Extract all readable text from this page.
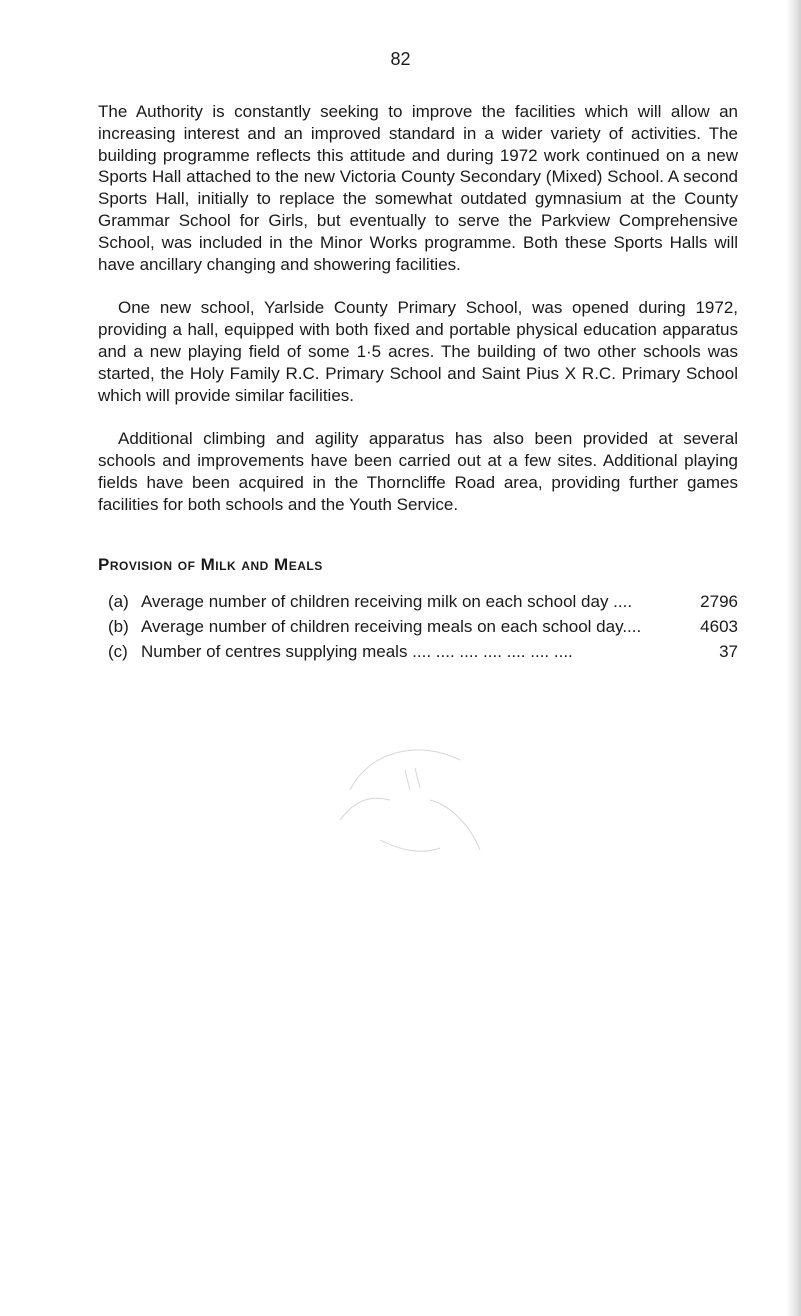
82

The Authority is constantly seeking to improve the facilities which will allow an increasing interest and an improved standard in a wider variety of activities. The building programme reflects this attitude and during 1972 work continued on a new Sports Hall attached to the new Victoria County Secondary (Mixed) School. A second Sports Hall, initially to replace the somewhat outdated gymnasium at the County Grammar School for Girls, but eventually to serve the Parkview Comprehensive School, was included in the Minor Works programme. Both these Sports Halls will have ancillary changing and showering facilities.

One new school, Yarlside County Primary School, was opened during 1972, providing a hall, equipped with both fixed and portable physical education apparatus and a new playing field of some 1·5 acres. The building of two other schools was started, the Holy Family R.C. Primary School and Saint Pius X R.C. Primary School which will provide similar facilities.

Additional climbing and agility apparatus has also been provided at several schools and improvements have been carried out at a few sites. Additional playing fields have been acquired in the Thorncliffe Road area, providing further games facilities for both schools and the Youth Service.

Provision of Milk and Meals
(a) Average number of children receiving milk on each school day ....	2796
(b) Average number of children receiving meals on each school day....	4603
(c) Number of centres supplying meals .... .... .... .... .... .... ....	37
